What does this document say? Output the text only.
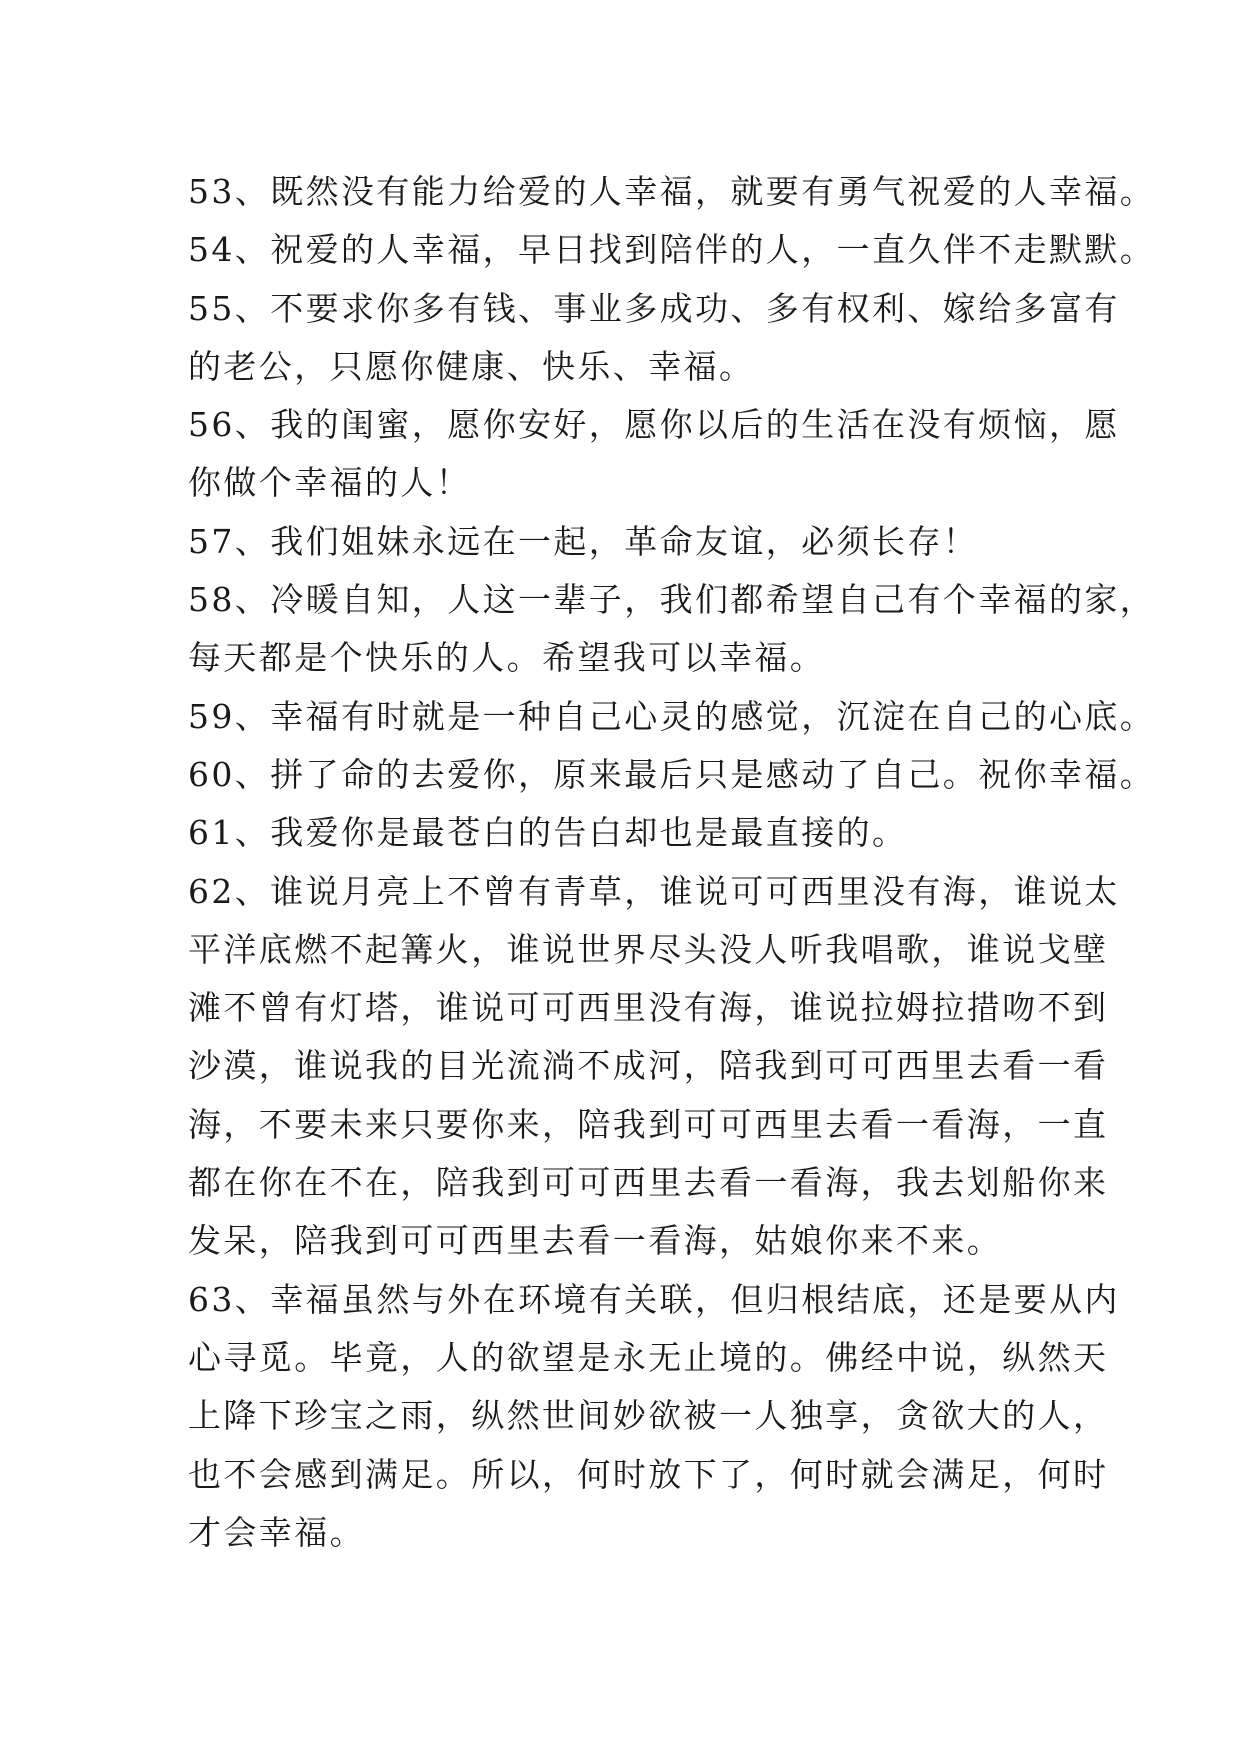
53、既然没有能力给爱的人幸福，就要有勇气祝爱的人幸福。
54、祝爱的人幸福，早日找到陪伴的人，一直久伴不走默默。
55、不要求你多有钱、事业多成功、多有权利、嫁给多富有
的老公，只愿你健康、快乐、幸福。
56、我的闺蜜，愿你安好，愿你以后的生活在没有烦恼，愿
你做个幸福的人！
57、我们姐妹永远在一起，革命友谊，必须长存！
58、冷暖自知，人这一辈子，我们都希望自己有个幸福的家，
每天都是个快乐的人。希望我可以幸福。
59、幸福有时就是一种自己心灵的感觉，沉淀在自己的心底。
60、拼了命的去爱你，原来最后只是感动了自己。祝你幸福。
61、我爱你是最苍白的告白却也是最直接的。
62、谁说月亮上不曾有青草，谁说可可西里没有海，谁说太
平洋底燃不起篝火，谁说世界尽头没人听我唱歌，谁说戈壁
滩不曾有灯塔，谁说可可西里没有海，谁说拉姆拉措吻不到
沙漠，谁说我的目光流淌不成河，陪我到可可西里去看一看
海，不要未来只要你来，陪我到可可西里去看一看海，一直
都在你在不在，陪我到可可西里去看一看海，我去划船你来
发呆，陪我到可可西里去看一看海，姑娘你来不来。
63、幸福虽然与外在环境有关联，但归根结底，还是要从内
心寻觅。毕竟，人的欲望是永无止境的。佛经中说，纵然天
上降下珍宝之雨，纵然世间妙欲被一人独享，贪欲大的人，
也不会感到满足。所以，何时放下了，何时就会满足，何时
才会幸福。
